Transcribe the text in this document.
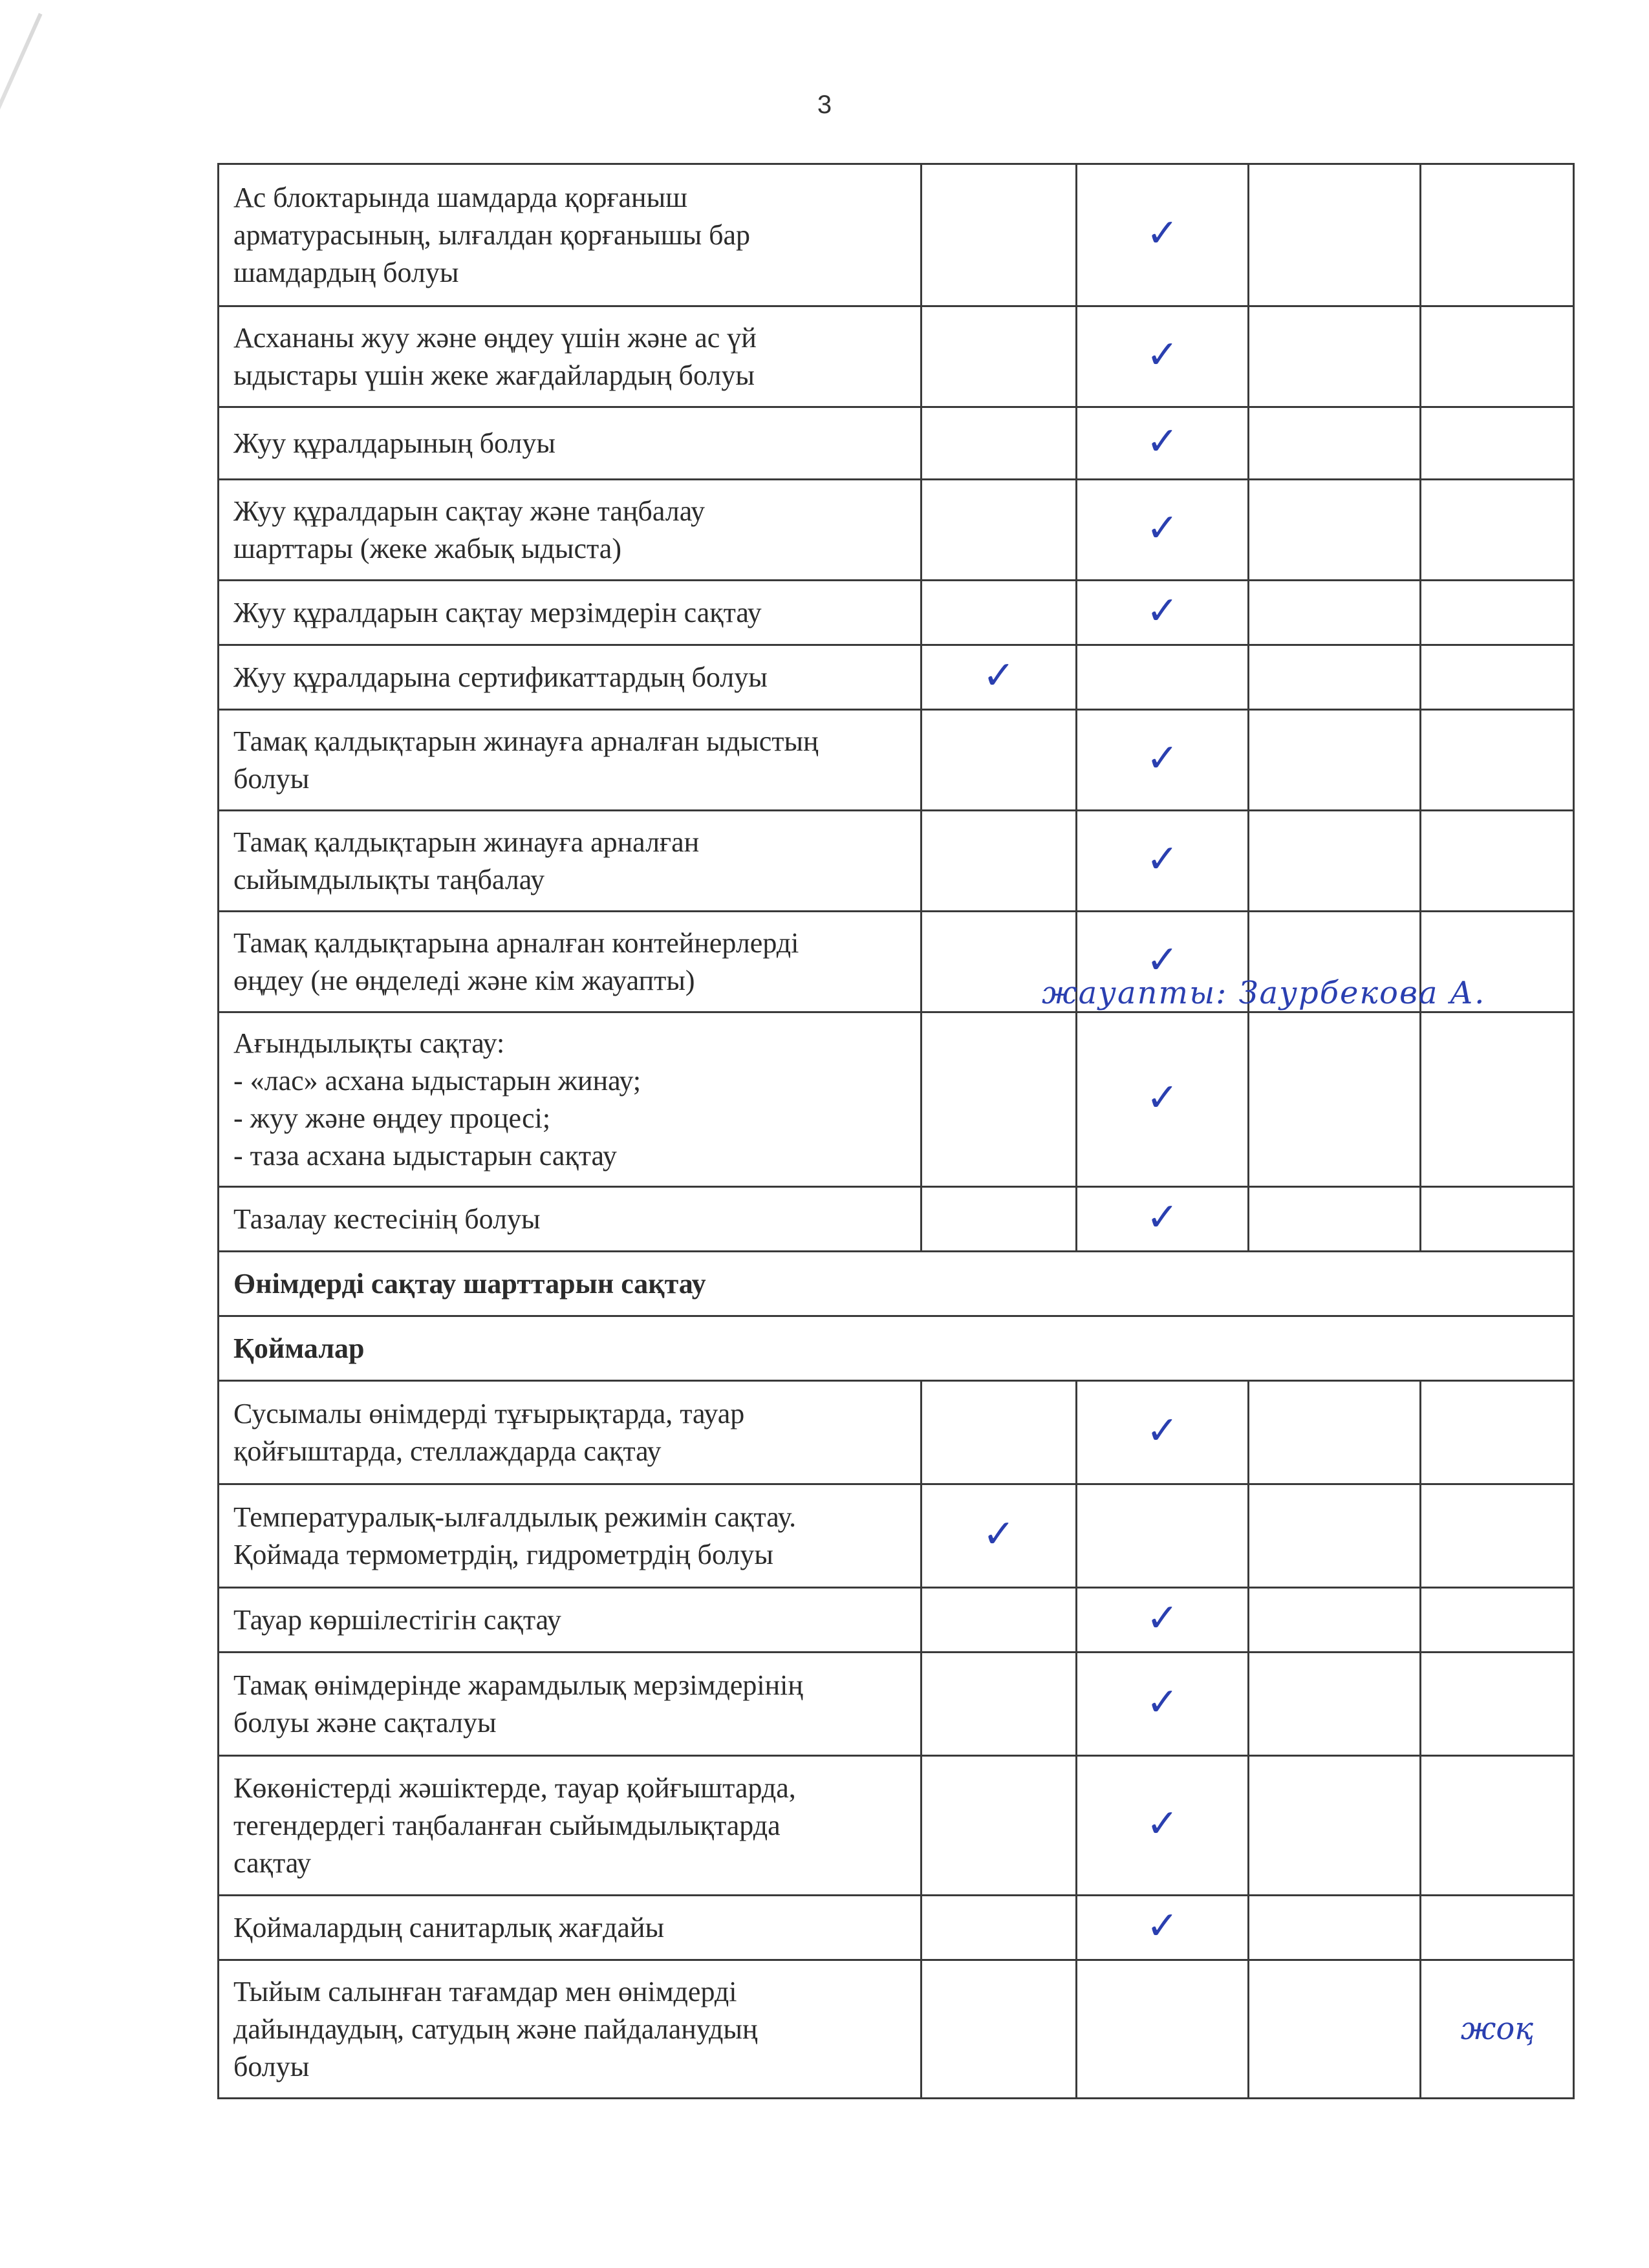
3
Ас блоктарында шамдарда қорғаныш
арматурасының, ылғалдан қорғанышы бар
шамдардың болуы		✓		
Асхананы жуу және өңдеу үшін және ас үй
ыдыстары үшін жеке жағдайлардың болуы		✓		
Жуу құралдарының болуы		✓		
Жуу құралдарын сақтау және таңбалау
шарттары (жеке жабық ыдыста)		✓		
Жуу құралдарын сақтау мерзімдерін сақтау		✓		
Жуу құралдарына сертификаттардың болуы	✓			
Тамақ қалдықтарын жинауға арналған ыдыстың
болуы		✓		
Тамақ қалдықтарын жинауға арналған
сыйымдылықты таңбалау		✓		
Тамақ қалдықтарына арналған контейнерлерді
өңдеу (не өңделеді және кім жауапты)		✓
жауапты: Заурбекова А.		

Ағындылықты сақтау:
- «лас» асхана ыдыстарын жинау;
- жуу және өңдеу процесі;
- таза асхана ыдыстарын сақтау		✓		
Тазалау кестесінің болуы		✓		
Өнімдерді сақтау шарттарын сақтау				
Қоймалар				
Сусымалы өнімдерді тұғырықтарда, тауар
қойғыштарда, стеллаждарда сақтау		✓		
Температуралық-ылғалдылық режимін сақтау.
Қоймада термометрдің, гидрометрдің болуы	✓			
Тауар көршілестігін сақтау		✓		
Тамақ өнімдерінде жарамдылық мерзімдерінің
болуы және сақталуы		✓		
Көкөністерді жәшіктерде, тауар қойғыштарда,
тегендердегі таңбаланған сыйымдылықтарда
сақтау		✓		
Қоймалардың санитарлық жағдайы		✓		
Тыйым салынған тағамдар мен өнімдерді
дайындаудың, сатудың және пайдаланудың
болуы				жоқ
